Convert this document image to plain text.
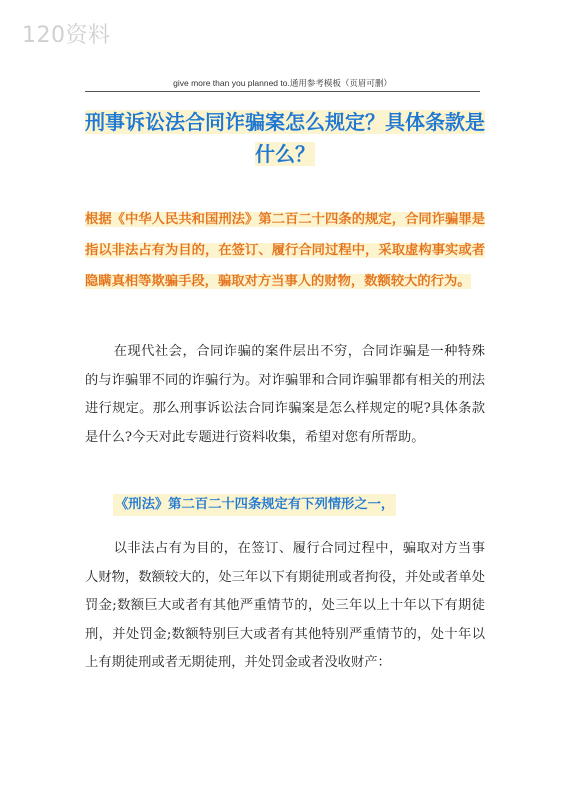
120资料
give more than you planned to.通用参考模板（页眉可删）
刑事诉讼法合同诈骗案怎么规定？具体条款是什么？
根据《中华人民共和国刑法》第二百二十四条的规定，合同诈骗罪是指以非法占有为目的，在签订、履行合同过程中，采取虚构事实或者隐瞒真相等欺骗手段，骗取对方当事人的财物，数额较大的行为。

在现代社会，合同诈骗的案件层出不穷，合同诈骗是一种特殊的与诈骗罪不同的诈骗行为。对诈骗罪和合同诈骗罪都有相关的刑法进行规定。那么刑事诉讼法合同诈骗案是怎么样规定的呢?具体条款是什么?今天对此专题进行资料收集，希望对您有所帮助。

《刑法》第二百二十四条规定有下列情形之一，

以非法占有为目的，在签订、履行合同过程中，骗取对方当事人财物，数额较大的，处三年以下有期徒刑或者拘役，并处或者单处罚金;数额巨大或者有其他严重情节的，处三年以上十年以下有期徒刑，并处罚金;数额特别巨大或者有其他特别严重情节的，处十年以上有期徒刑或者无期徒刑，并处罚金或者没收财产：
